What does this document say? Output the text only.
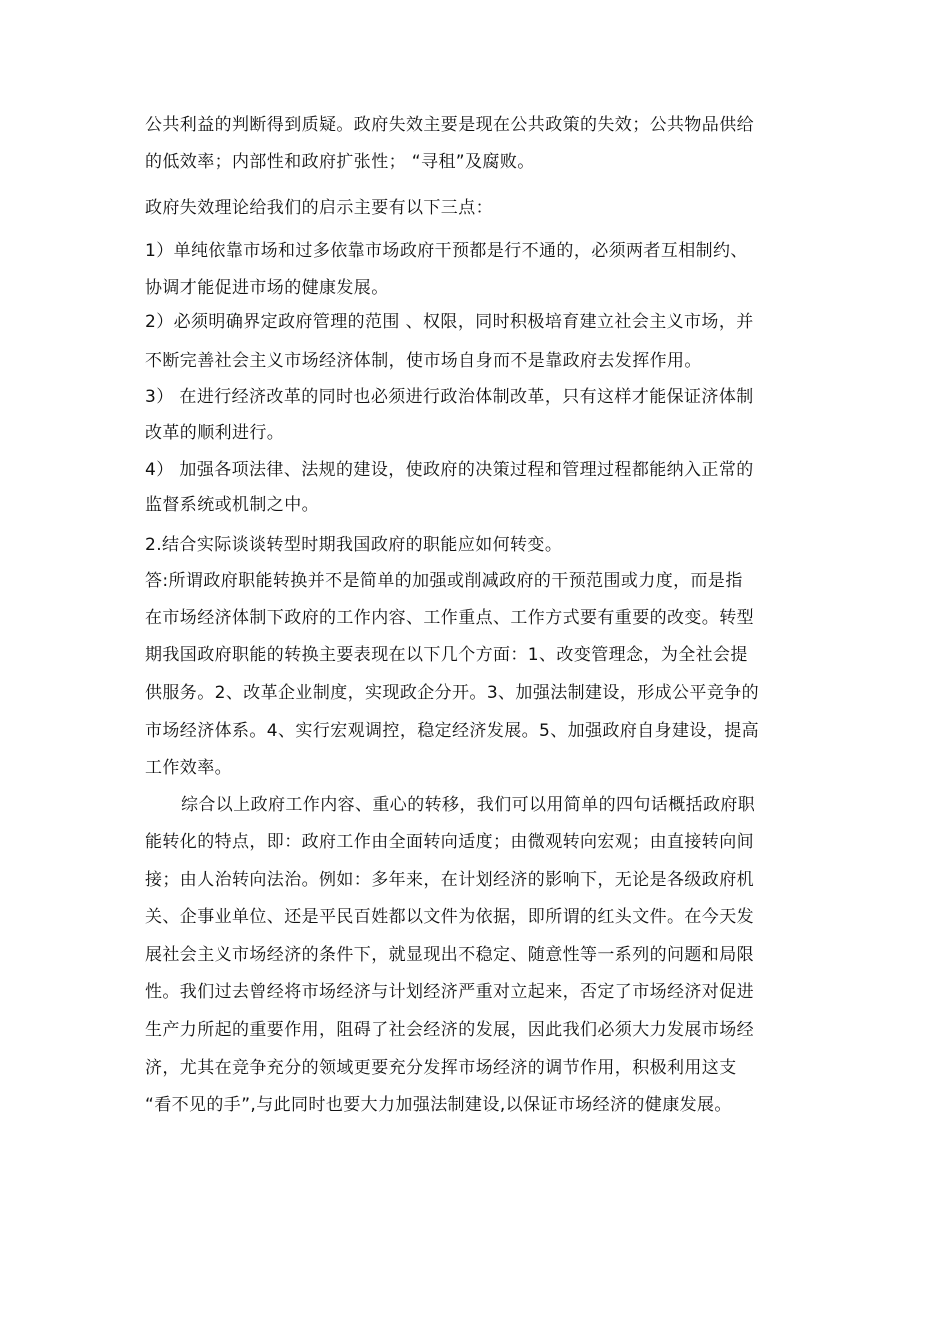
公共利益的判断得到质疑。政府失效主要是现在公共政策的失效；公共物品供给
的低效率；内部性和政府扩张性； “寻租”及腐败。
政府失效理论给我们的启示主要有以下三点：
1）单纯依靠市场和过多依靠市场政府干预都是行不通的，必须两者互相制约、
协调才能促进市场的健康发展。
2）必须明确界定政府管理的范围 、权限，同时积极培育建立社会主义市场，并
不断完善社会主义市场经济体制，使市场自身而不是靠政府去发挥作用。
3） 在进行经济改革的同时也必须进行政治体制改革，只有这样才能保证济体制
改革的顺利进行。
4） 加强各项法律、法规的建设，使政府的决策过程和管理过程都能纳入正常的
监督系统或机制之中。
2.结合实际谈谈转型时期我国政府的职能应如何转变。
答:所谓政府职能转换并不是简单的加强或削减政府的干预范围或力度，而是指
在市场经济体制下政府的工作内容、工作重点、工作方式要有重要的改变。转型
期我国政府职能的转换主要表现在以下几个方面：1、改变管理念，为全社会提
供服务。2、改革企业制度，实现政企分开。3、加强法制建设，形成公平竞争的
市场经济体系。4、实行宏观调控，稳定经济发展。5、加强政府自身建设，提高
工作效率。
综合以上政府工作内容、重心的转移，我们可以用简单的四句话概括政府职
能转化的特点，即：政府工作由全面转向适度；由微观转向宏观；由直接转向间
接；由人治转向法治。例如：多年来，在计划经济的影响下，无论是各级政府机
关、企事业单位、还是平民百姓都以文件为依据，即所谓的红头文件。在今天发
展社会主义市场经济的条件下，就显现出不稳定、随意性等一系列的问题和局限
性。我们过去曾经将市场经济与计划经济严重对立起来，否定了市场经济对促进
生产力所起的重要作用，阻碍了社会经济的发展，因此我们必须大力发展市场经
济，尤其在竞争充分的领域更要充分发挥市场经济的调节作用，积极利用这支
“看不见的手”,与此同时也要大力加强法制建设,以保证市场经济的健康发展。
